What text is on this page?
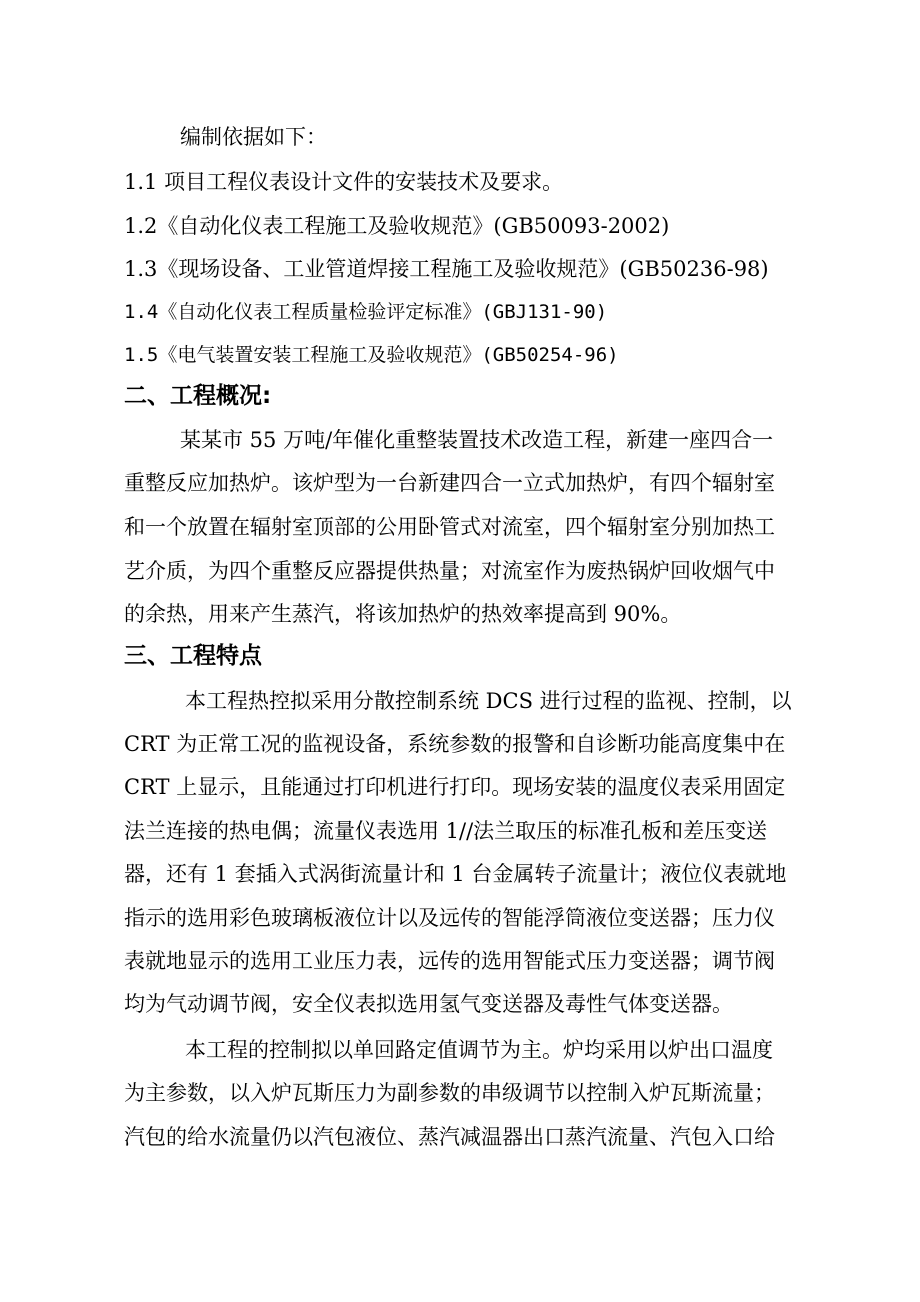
编制依据如下：
1.1 项目工程仪表设计文件的安装技术及要求。
1.2《自动化仪表工程施工及验收规范》(GB50093-2002)
1.3《现场设备、工业管道焊接工程施工及验收规范》(GB50236-98)
1.4《自动化仪表工程质量检验评定标准》(GBJ131-90)
1.5《电气装置安装工程施工及验收规范》(GB50254-96)
二、工程概况:
某某市 55 万吨/年催化重整装置技术改造工程，新建一座四合一
重整反应加热炉。该炉型为一台新建四合一立式加热炉，有四个辐射室
和一个放置在辐射室顶部的公用卧管式对流室，四个辐射室分别加热工
艺介质，为四个重整反应器提供热量；对流室作为废热锅炉回收烟气中
的余热，用来产生蒸汽，将该加热炉的热效率提高到 90%。
三、工程特点
本工程热控拟采用分散控制系统 DCS 进行过程的监视、控制，以
CRT 为正常工况的监视设备，系统参数的报警和自诊断功能高度集中在
CRT 上显示，且能通过打印机进行打印。现场安装的温度仪表采用固定
法兰连接的热电偶；流量仪表选用 1//法兰取压的标准孔板和差压变送
器，还有 1 套插入式涡街流量计和 1 台金属转子流量计；液位仪表就地
指示的选用彩色玻璃板液位计以及远传的智能浮筒液位变送器；压力仪
表就地显示的选用工业压力表，远传的选用智能式压力变送器；调节阀
均为气动调节阀，安全仪表拟选用氢气变送器及毒性气体变送器。
本工程的控制拟以单回路定值调节为主。炉均采用以炉出口温度
为主参数，以入炉瓦斯压力为副参数的串级调节以控制入炉瓦斯流量；
汽包的给水流量仍以汽包液位、蒸汽减温器出口蒸汽流量、汽包入口给
